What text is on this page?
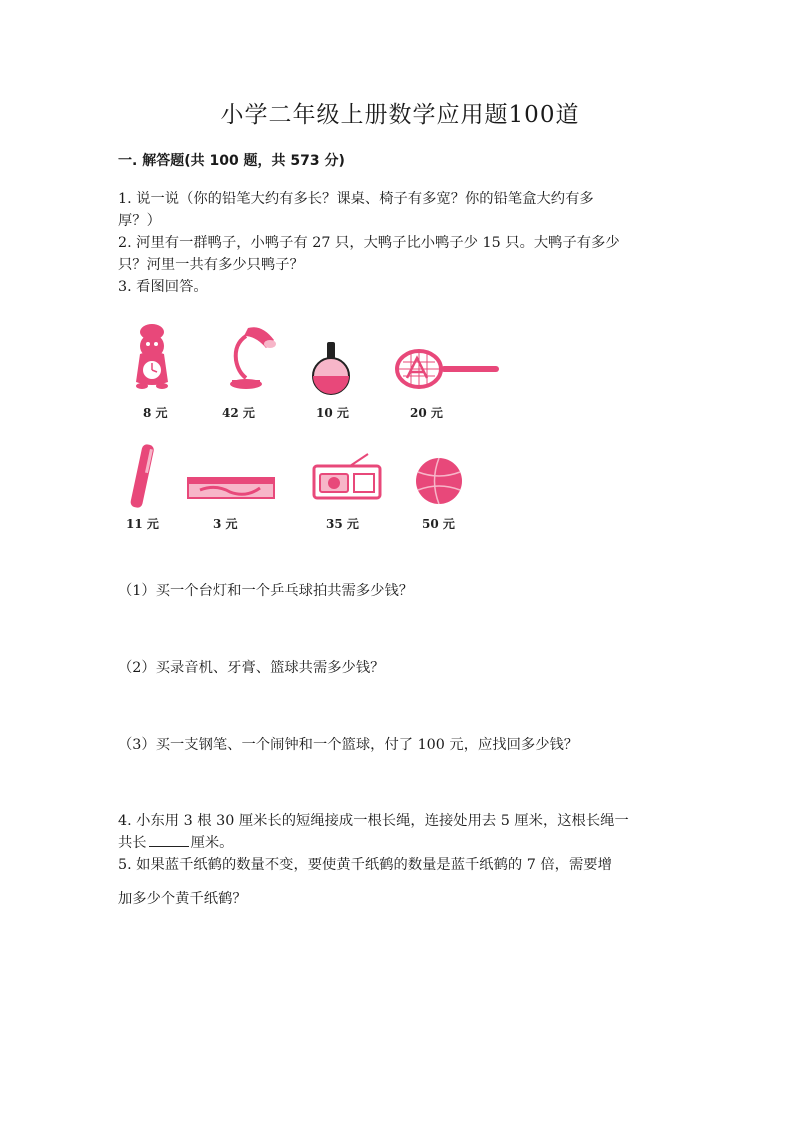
小学二年级上册数学应用题100道
一. 解答题(共 100 题，共 573 分)
1. 说一说（你的铅笔大约有多长？课桌、椅子有多宽？你的铅笔盒大约有多
厚？）
2. 河里有一群鸭子，小鸭子有 27 只，大鸭子比小鸭子少 15 只。大鸭子有多少
只？河里一共有多少只鸭子？
3. 看图回答。
8 元	42 元	10 元	20 元
11 元	3 元	35 元	50 元
（1）买一个台灯和一个乒乓球拍共需多少钱？
（2）买录音机、牙膏、篮球共需多少钱？
（3）买一支钢笔、一个闹钟和一个篮球，付了 100 元，应找回多少钱？
4. 小东用 3 根 30 厘米长的短绳接成一根长绳，连接处用去 5 厘米，这根长绳一
共长	厘米。
5. 如果蓝千纸鹤的数量不变，要使黄千纸鹤的数量是蓝千纸鹤的 7 倍，需要增
加多少个黄千纸鹤？
